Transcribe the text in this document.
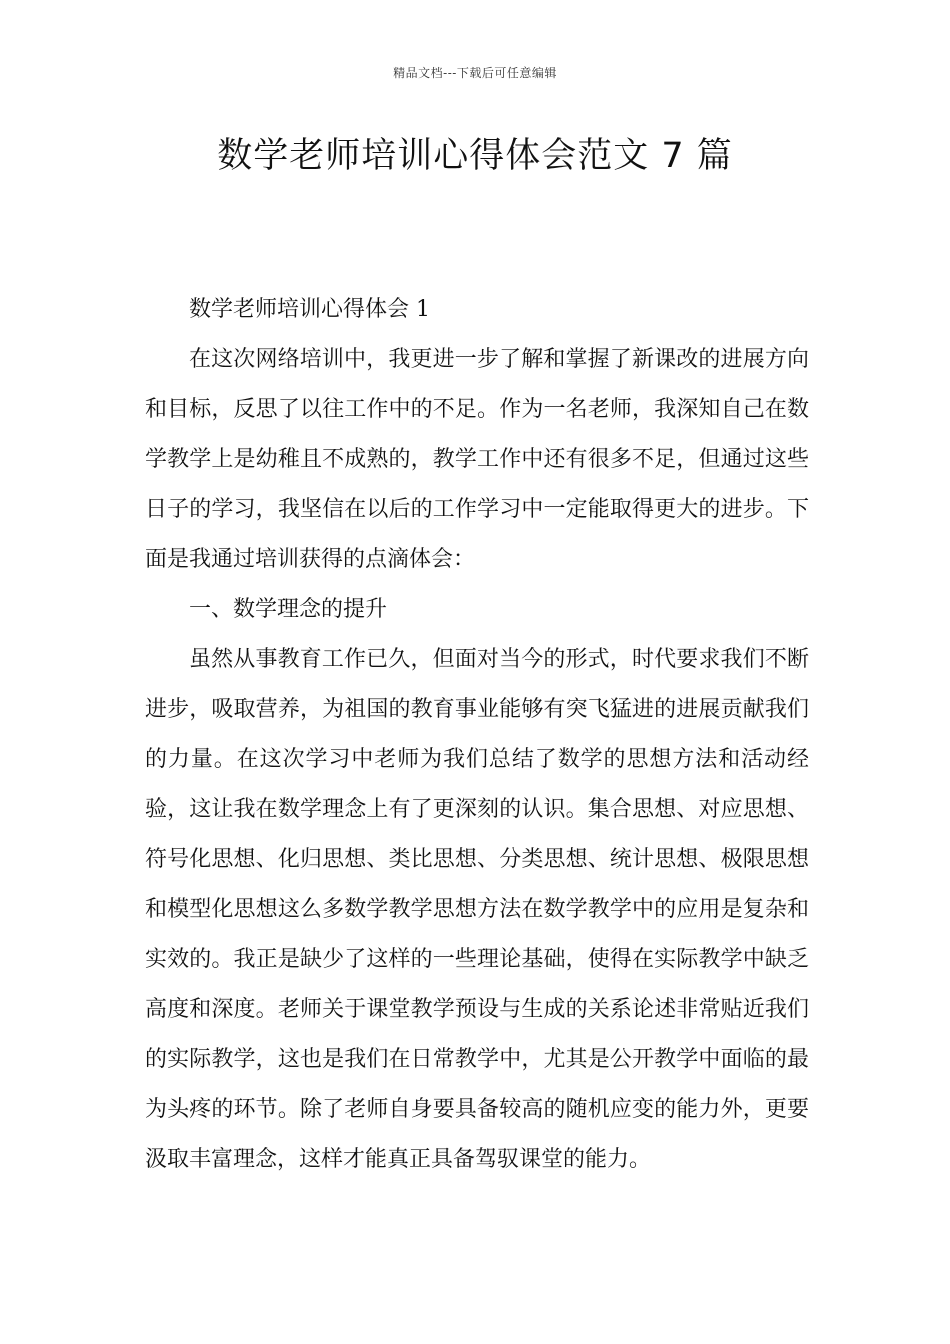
精品文档---下载后可任意编辑
数学老师培训心得体会范文 7 篇

数学老师培训心得体会 1

在这次网络培训中，我更进一步了解和掌握了新课改的进展方向和目标，反思了以往工作中的不足。作为一名老师，我深知自己在数学教学上是幼稚且不成熟的，教学工作中还有很多不足，但通过这些日子的学习，我坚信在以后的工作学习中一定能取得更大的进步。下面是我通过培训获得的点滴体会：

一、数学理念的提升

虽然从事教育工作已久，但面对当今的形式，时代要求我们不断进步，吸取营养，为祖国的教育事业能够有突飞猛进的进展贡献我们的力量。在这次学习中老师为我们总结了数学的思想方法和活动经验，这让我在数学理念上有了更深刻的认识。集合思想、对应思想、符号化思想、化归思想、类比思想、分类思想、统计思想、极限思想和模型化思想这么多数学教学思想方法在数学教学中的应用是复杂和实效的。我正是缺少了这样的一些理论基础，使得在实际教学中缺乏高度和深度。老师关于课堂教学预设与生成的关系论述非常贴近我们的实际教学，这也是我们在日常教学中，尤其是公开教学中面临的最为头疼的环节。除了老师自身要具备较高的随机应变的能力外，更要汲取丰富理念，这样才能真正具备驾驭课堂的能力。
